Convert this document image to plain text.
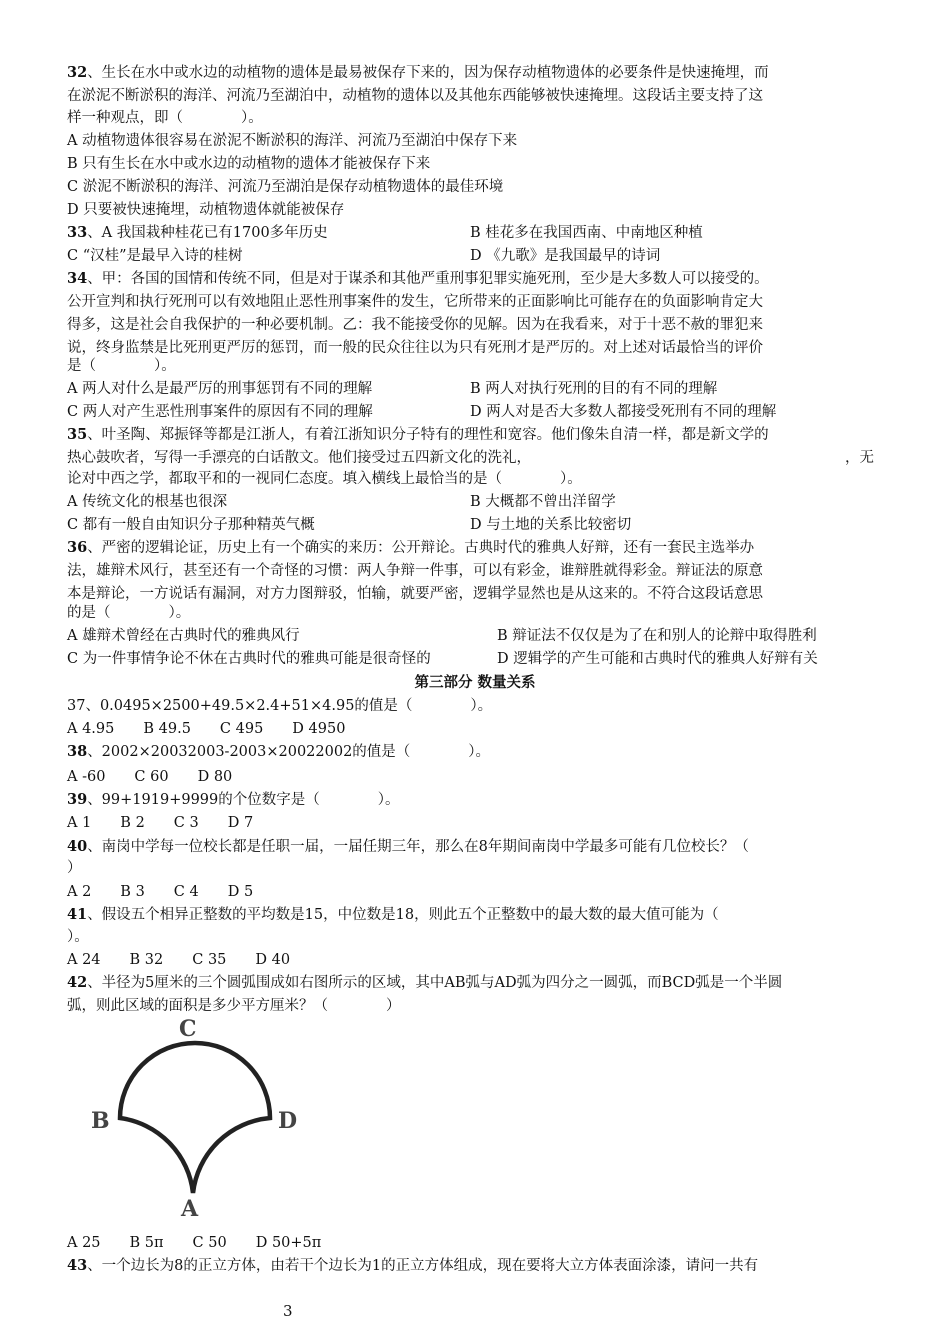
32、生长在水中或水边的动植物的遗体是最易被保存下来的，因为保存动植物遗体的必要条件是快速掩埋，而
在淤泥不断淤积的海洋、河流乃至湖泊中，动植物的遗体以及其他东西能够被快速掩埋。这段话主要支持了这
样一种观点，即（　　　　）。
A 动植物遗体很容易在淤泥不断淤积的海洋、河流乃至湖泊中保存下来
B 只有生长在水中或水边的动植物的遗体才能被保存下来
C 淤泥不断淤积的海洋、河流乃至湖泊是保存动植物遗体的最佳环境
D 只要被快速掩埋，动植物遗体就能被保存
33、A 我国栽种桂花已有1700多年历史	B 桂花多在我国西南、中南地区种植
C “汉桂”是最早入诗的桂树	D 《九歌》是我国最早的诗词
34、甲：各国的国情和传统不同，但是对于谋杀和其他严重刑事犯罪实施死刑，至少是大多数人可以接受的。
公开宣判和执行死刑可以有效地阻止恶性刑事案件的发生，它所带来的正面影响比可能存在的负面影响肯定大
得多，这是社会自我保护的一种必要机制。乙：我不能接受你的见解。因为在我看来，对于十恶不赦的罪犯来
说，终身监禁是比死刑更严厉的惩罚，而一般的民众往往以为只有死刑才是严厉的。对上述对话最恰当的评价
是（　　　　）。
A 两人对什么是最严厉的刑事惩罚有不同的理解	B 两人对执行死刑的目的有不同的理解
C 两人对产生恶性刑事案件的原因有不同的理解	D 两人对是否大多数人都接受死刑有不同的理解
35、叶圣陶、郑振铎等都是江浙人，有着江浙知识分子特有的理性和宽容。他们像朱自清一样，都是新文学的
热心鼓吹者，写得一手漂亮的白话散文。他们接受过五四新文化的洗礼，	，无
论对中西之学，都取平和的一视同仁态度。填入横线上最恰当的是（　　　　）。
A 传统文化的根基也很深	B 大概都不曾出洋留学
C 都有一般自由知识分子那种精英气概	D 与土地的关系比较密切
36、严密的逻辑论证，历史上有一个确实的来历：公开辩论。古典时代的雅典人好辩，还有一套民主选举办
法，雄辩术风行，甚至还有一个奇怪的习惯：两人争辩一件事，可以有彩金，谁辩胜就得彩金。辩证法的原意
本是辩论，一方说话有漏洞，对方力图辩驳，怕输，就要严密，逻辑学显然也是从这来的。不符合这段话意思
的是（　　　　）。
A 雄辩术曾经在古典时代的雅典风行	B 辩证法不仅仅是为了在和别人的论辩中取得胜利
C 为一件事情争论不休在古典时代的雅典可能是很奇怪的	D 逻辑学的产生可能和古典时代的雅典人好辩有关
第三部分 数量关系
37、0.0495×2500+49.5×2.4+51×4.95的值是（　　　　）。
A 4.95　　B 49.5　　C 495　　D 4950
38、2002×20032003-2003×20022002的值是（　　　　）。
A -60　　C 60　　D 80
39、99+1919+9999的个位数字是（　　　　）。
A 1　　B 2　　C 3　　D 7
40、南岗中学每一位校长都是任职一届，一届任期三年，那么在8年期间南岗中学最多可能有几位校长？（
）
A 2　　B 3　　C 4　　D 5
41、假设五个相异正整数的平均数是15，中位数是18，则此五个正整数中的最大数的最大值可能为（
）。
A 24　　B 32　　C 35　　D 40
42、半径为5厘米的三个圆弧围成如右图所示的区域，其中AB弧与AD弧为四分之一圆弧，而BCD弧是一个半圆
弧，则此区域的面积是多少平方厘米？（　　　　）
C
B	D
A
A 25　　B 5π　　C 50　　D 50+5π
43、一个边长为8的正立方体，由若干个边长为1的正立方体组成，现在要将大立方体表面涂漆，请问一共有
3
